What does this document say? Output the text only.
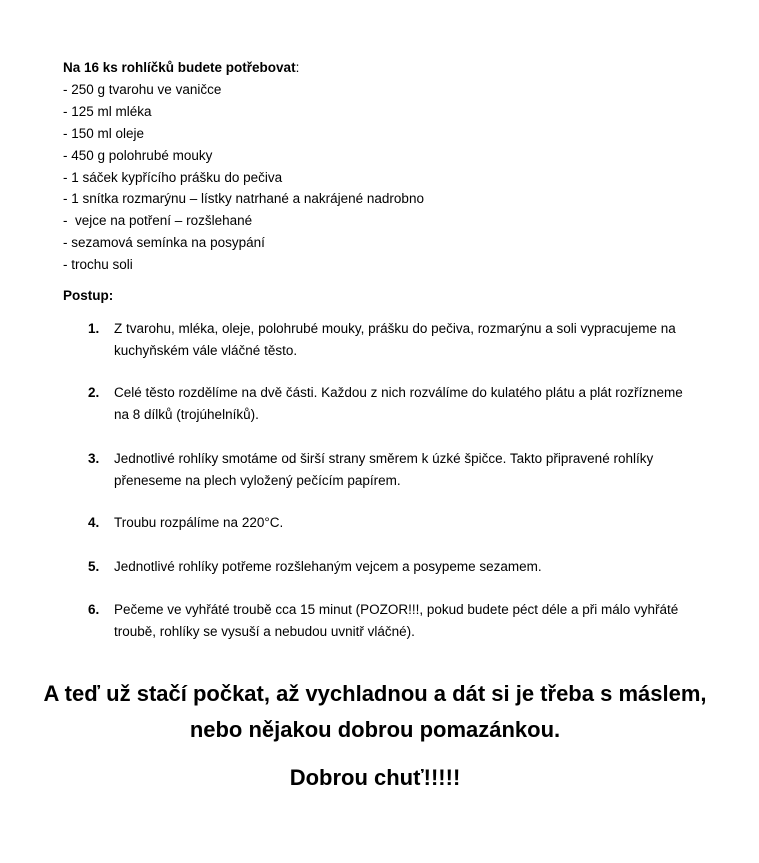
Na 16 ks rohlíčků budete potřebovat:
- 250 g tvarohu ve vaničce
- 125 ml mléka
- 150 ml oleje
- 450 g polohrubé mouky
- 1 sáček kypřícího prášku do pečiva
- 1 snítka rozmarýnu – lístky natrhané a nakrájené nadrobno
-  vejce na potření – rozšlehané
- sezamová semínka na posypání
- trochu soli
Postup:
1. Z tvarohu, mléka, oleje, polohrubé mouky, prášku do pečiva, rozmarýnu a soli vypracujeme na kuchyňském vále vláčné těsto.
2. Celé těsto rozdělíme na dvě části. Každou z nich rozválíme do kulatého plátu a plát rozřízneme na 8 dílků (trojúhelníků).
3. Jednotlivé rohlíky smotáme od širší strany směrem k úzké špičce. Takto připravené rohlíky přeneseme na plech vyložený pečícím papírem.
4. Troubu rozpálíme na 220°C.
5. Jednotlivé rohlíky potřeme rozšlehaným vejcem a posypeme sezamem.
6. Pečeme ve vyhřáté troubě cca 15 minut (POZOR!!!, pokud budete péct déle a při málo vyhřáté troubě, rohlíky se vysuší a nebudou uvnitř vláčné).
A teď už stačí počkat, až vychladnou a dát si je třeba s máslem, nebo nějakou dobrou pomazánkou.
Dobrou chuť!!!!!
